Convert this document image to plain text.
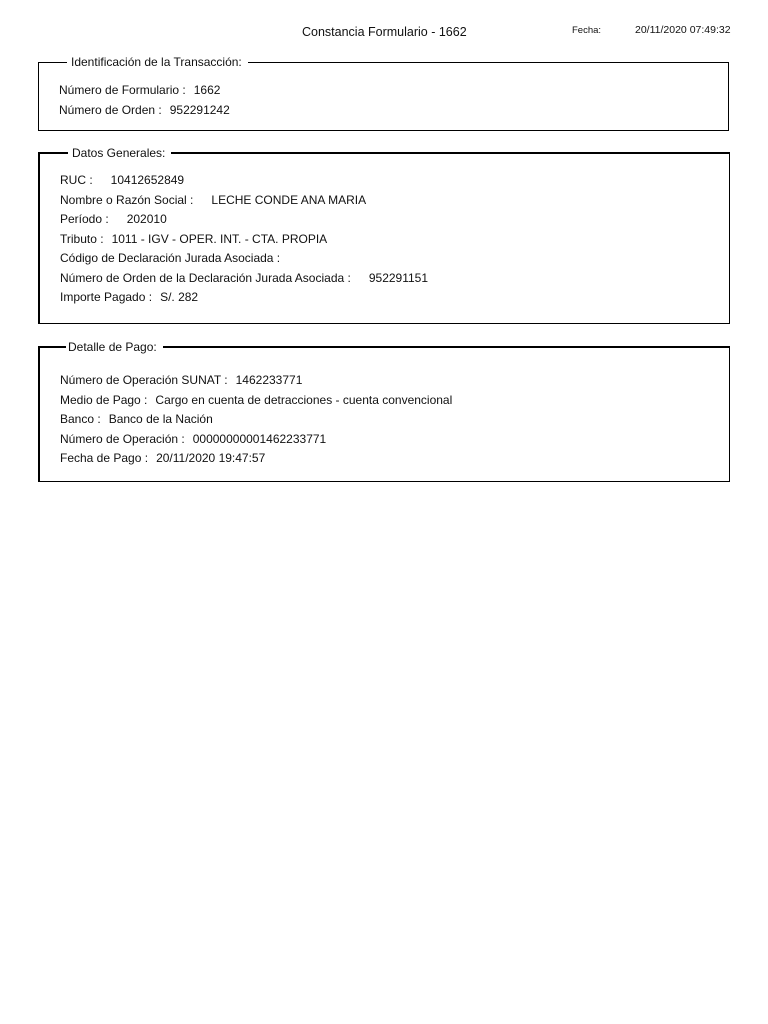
Constancia Formulario - 1662	Fecha:	20/11/2020 07:49:32
Identificación de la Transacción:
Número de Formulario : 1662
Número de Orden : 952291242
Datos Generales:
RUC : 10412652849
Nombre o Razón Social : LECHE CONDE ANA MARIA
Período : 202010
Tributo : 1011 - IGV - OPER. INT. - CTA. PROPIA
Código de Declaración Jurada Asociada :
Número de Orden de la Declaración Jurada Asociada : 952291151
Importe Pagado : S/. 282
Detalle de Pago:
Número de Operación SUNAT : 1462233771
Medio de Pago : Cargo en cuenta de detracciones - cuenta convencional
Banco : Banco de la Nación
Número de Operación : 00000000001462233771
Fecha de Pago : 20/11/2020 19:47:57
